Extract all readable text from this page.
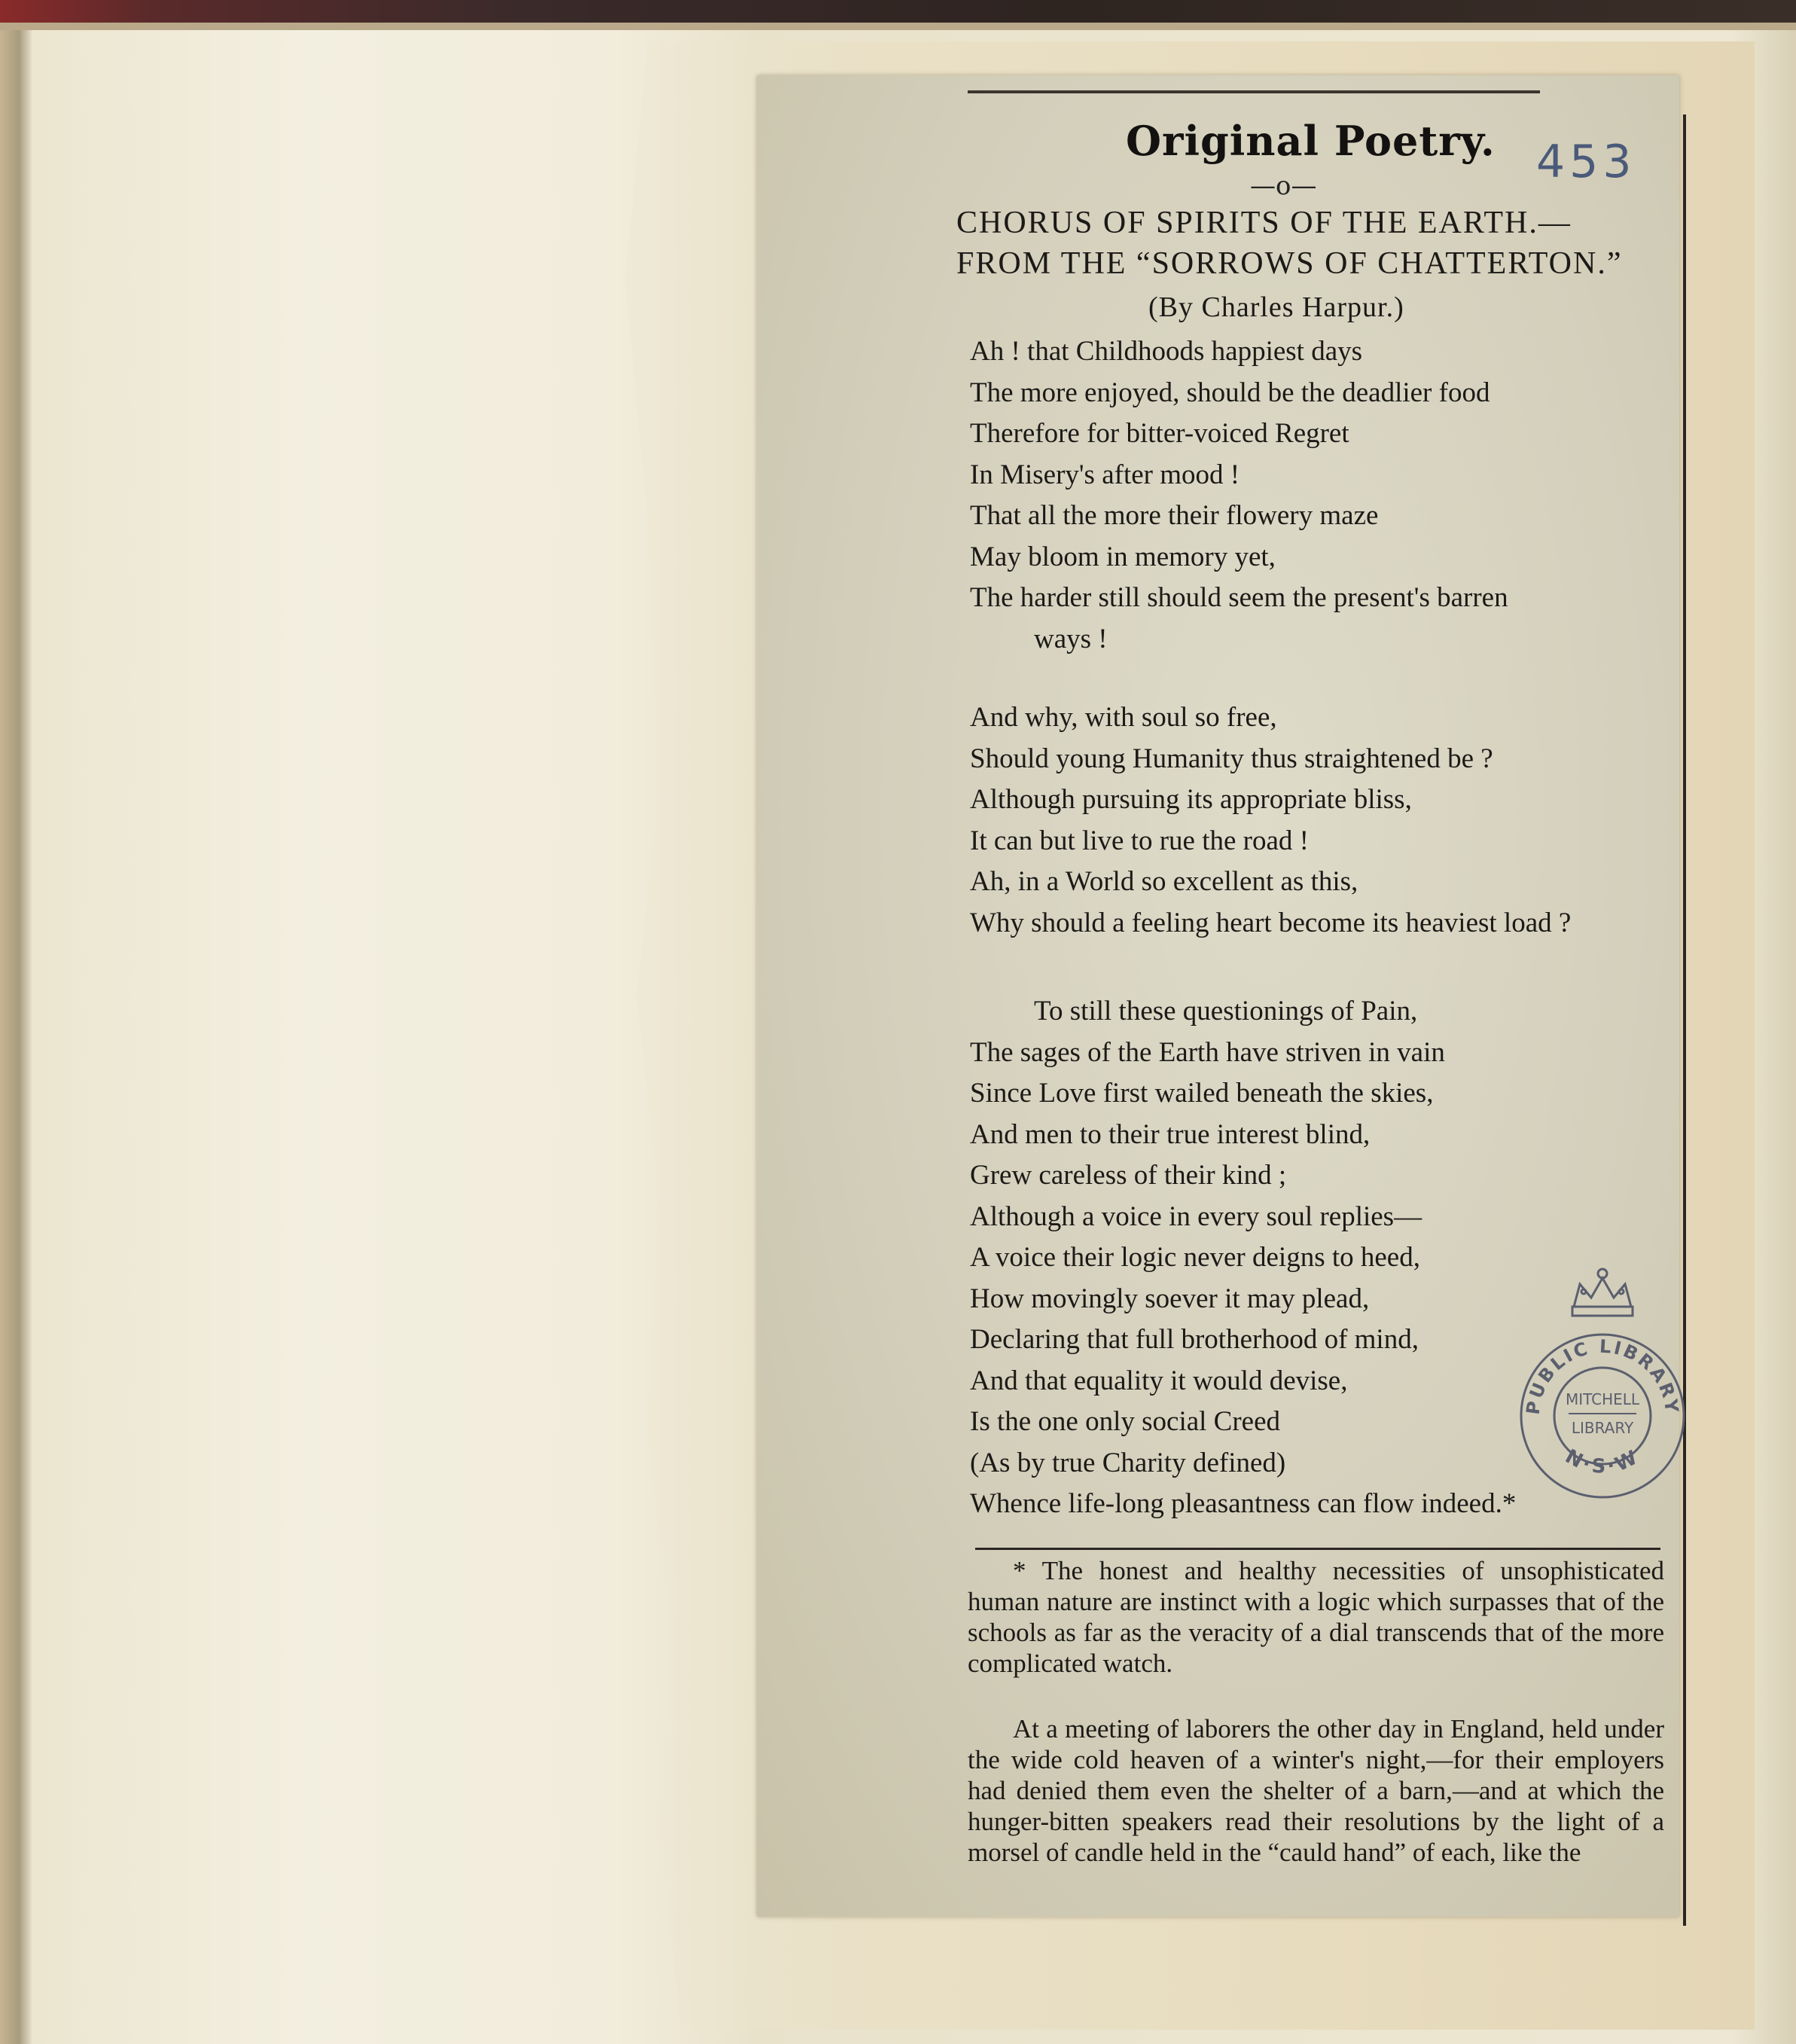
Original Poetry. 453
—o—

CHORUS OF SPIRITS OF THE EARTH.—

FROM THE “SORROWS OF CHATTERTON.”

(By Charles Harpur.)

Ah ! that Childhoods happiest days
The more enjoyed, should be the deadlier food
Therefore for bitter-voiced Regret
In Misery's after mood !
That all the more their flowery maze
May bloom in memory yet,
The harder still should seem the present's barren
ways !
And why, with soul so free,
Should young Humanity thus straightened be ?
Although pursuing its appropriate bliss,
It can but live to rue the road !
Ah, in a World so excellent as this,
Why should a feeling heart become its heaviest load ?
To still these questionings of Pain,
The sages of the Earth have striven in vain
Since Love first wailed beneath the skies,
And men to their true interest blind,
Grew careless of their kind ;
Although a voice in every soul replies—
A voice their logic never deigns to heed,
How movingly soever it may plead,
Declaring that full brotherhood of mind,
And that equality it would devise,
Is the one only social Creed
(As by true Charity defined)
Whence life-long pleasantness can flow indeed.*

* The honest and healthy necessities of unsophisticated human nature are instinct with a logic which surpasses that of the schools as far as the veracity of a dial transcends that of the more complicated watch.

At a meeting of laborers the other day in England, held under the wide cold heaven of a winter's night,—for their employers had denied them even the shelter of a barn,—and at which the hunger-bitten speakers read their resolutions by the light of a morsel of candle held in the “cauld hand” of each, like the

PUBLIC LIBRARY
MITCHELL
LIBRARY
N·S·W
